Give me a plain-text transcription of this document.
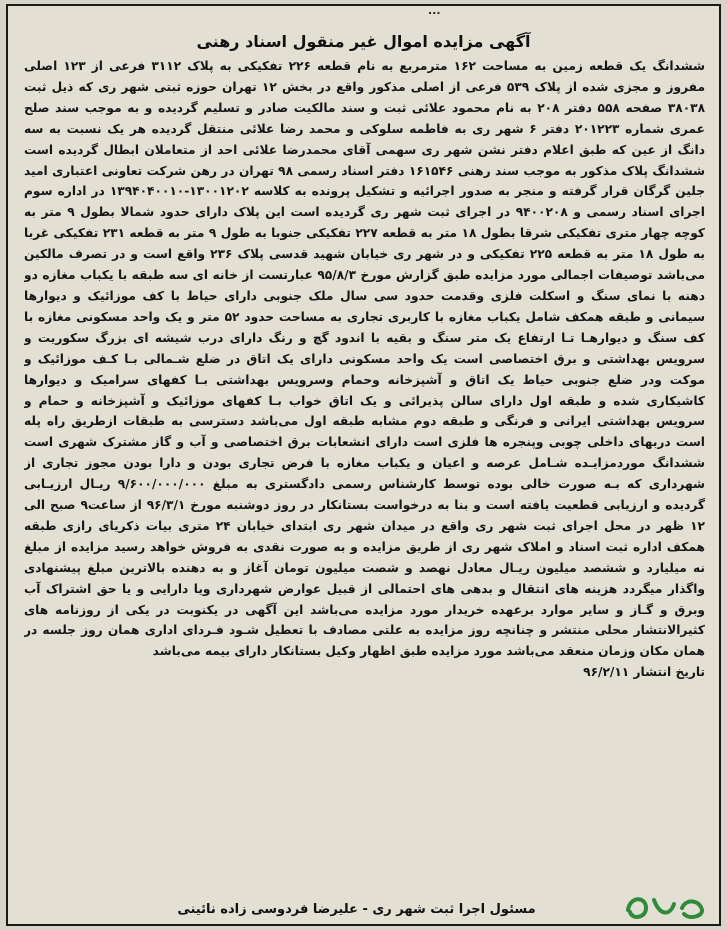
...
آگهی مزایده اموال غیر منقول اسناد رهنی
ششدانگ یک قطعه زمین به مساحت ۱۶۲ مترمربع به نام قطعه ۲۲۶ تفکیکی به پلاک ۳۱۱۲ فرعی از ۱۲۳ اصلی مفروز و مجزی شده از پلاک ۵۳۹ فرعی از اصلی مذکور واقع در بخش ۱۲ تهران حوزه ثبتی شهر ری که ذیل ثبت ۳۸۰۳۸ صفحه ۵۵۸ دفتر ۲۰۸ به نام محمود علائی ثبت و سند مالکیت صادر و تسلیم گردیده و به موجب سند صلح عمری شماره ۲۰۱۲۲۳ دفتر ۶ شهر ری به فاطمه سلوکی و محمد رضا علائی منتقل گردیده هر یک نسبت به سه دانگ از عین که طبق اعلام دفتر نشن شهر ری سهمی آقای محمدرضا علائی احد از متعاملان ابطال گردیده است ششدانگ پلاک مذکور به موجب سند رهنی ۱۶۱۵۴۶ دفتر اسناد رسمی ۹۸ تهران در رهن شرکت تعاونی اعتباری امید جلین گرگان قرار گرفته و منجر به صدور اجرائیه و تشکیل پرونده به کلاسه ۱۳۰۰۱۲۰۲-۱۳۹۴۰۴۰۰۱۰ در اداره سوم اجرای اسناد رسمی و ۹۴۰۰۲۰۸ در اجرای ثبت شهر ری گردیده است این پلاک دارای حدود شمالا بطول ۹ متر به کوچه چهار متری تفکیکی شرقا بطول ۱۸ متر به قطعه ۲۲۷ تفکیکی جنوبا به طول ۹ متر به قطعه ۲۳۱ تفکیکی غربا به طول ۱۸ متر به قطعه ۲۲۵ تفکیکی و در شهر ری خیابان شهید قدسی پلاک ۲۳۶ واقع است و در تصرف مالکین می‌باشد توصیفات اجمالی مورد مزایده طبق گزارش مورخ ۹۵/۸/۳ عبارتست از خانه ای سه طبقه با یکباب مغازه دو دهنه با نمای سنگ و اسکلت فلزی وقدمت حدود سی سال ملک جنوبی دارای حیاط با کف موزائیک و دیوارها سیمانی و طبقه همکف شامل یکباب مغازه با کاربری تجاری به مساحت حدود ۵۲ متر و یک واحد مسکونی مغازه با کف سنگ و دیوارهـا تـا ارتفاع یک متر سنگ و بقیه با اندود گچ و رنگ دارای درب شیشه ای بزرگ سکوریت و سرویس بهداشتی و برق اختصاصی است یک واحد مسکونی دارای یک اتاق در ضلع شـمالی بـا کـف موزائیک و موکت ودر ضلع جنوبی حیاط یک اتاق و آشپزخانه وحمام وسرویس بهداشتی بـا کفهای سرامیک و دیوارها کاشیکاری شده و طبقه اول دارای سالن پذیرائی و یک اتاق خواب بـا کفهای موزائیک و آشپزخانه و حمام و سرویس بهداشتی ایرانی و فرنگی و طبقه دوم مشابه طبقه اول می‌باشد دسترسی به طبقات ازطریق راه پله است دربهای داخلی چوبی وپنجره ها فلزی است دارای انشعابات برق اختصاصی و آب و گاز مشترک شهری است ششدانگ موردمزایـده شـامل عرصه و اعیان و یکباب مغازه با فرض تجاری بودن و دارا بودن مجوز تجاری از شهرداری که بـه صورت خالی بوده توسط کارشناس رسمی دادگستری به مبلغ ۹/۶۰۰/۰۰۰/۰۰۰ ریـال ارزیـابی گردیده و ارزیابی قطعیت یافته است و بنا به درخواست بستانکار در روز دوشنبه مورخ ۹۶/۳/۱ از ساعت۹ صبح الی ۱۲ ظهر در محل اجرای ثبت شهر ری واقع در میدان شهر ری ابتدای خیابان ۲۴ متری بیات ذکریای رازی طبقه همکف اداره ثبت اسناد و املاک شهر ری از طریق مزایده و به صورت نقدی به فروش خواهد رسید مزایده از مبلغ نه میلیارد و ششصد میلیون ریـال معادل نهصد و شصت میلیون تومان آغاز و به دهنده بالاترین مبلغ پیشنهادی واگذار میگردد هزینه های انتقال و بدهی های احتمالی از قبیل عوارض شهرداری ویا دارایی و یا حق اشتراک آب وبرق و گـاز و سایر موارد برعهده خریدار مورد مزایده می‌باشد این آگهی در یکنوبت در یکی از روزنامه های کثیرالانتشار محلی منتشر و چنانچه روز مزایده به علتی مصادف با تعطیل شـود فـردای اداری همان روز جلسه در همان مکان وزمان منعقد می‌باشد مورد مزایده طبق اظهار وکیل بستانکار دارای بیمه می‌باشد
تاریخ انتشار ۹۶/۲/۱۱
مسئول اجرا ثبت شهر ری - علیرضا فردوسی زاده نائینی
